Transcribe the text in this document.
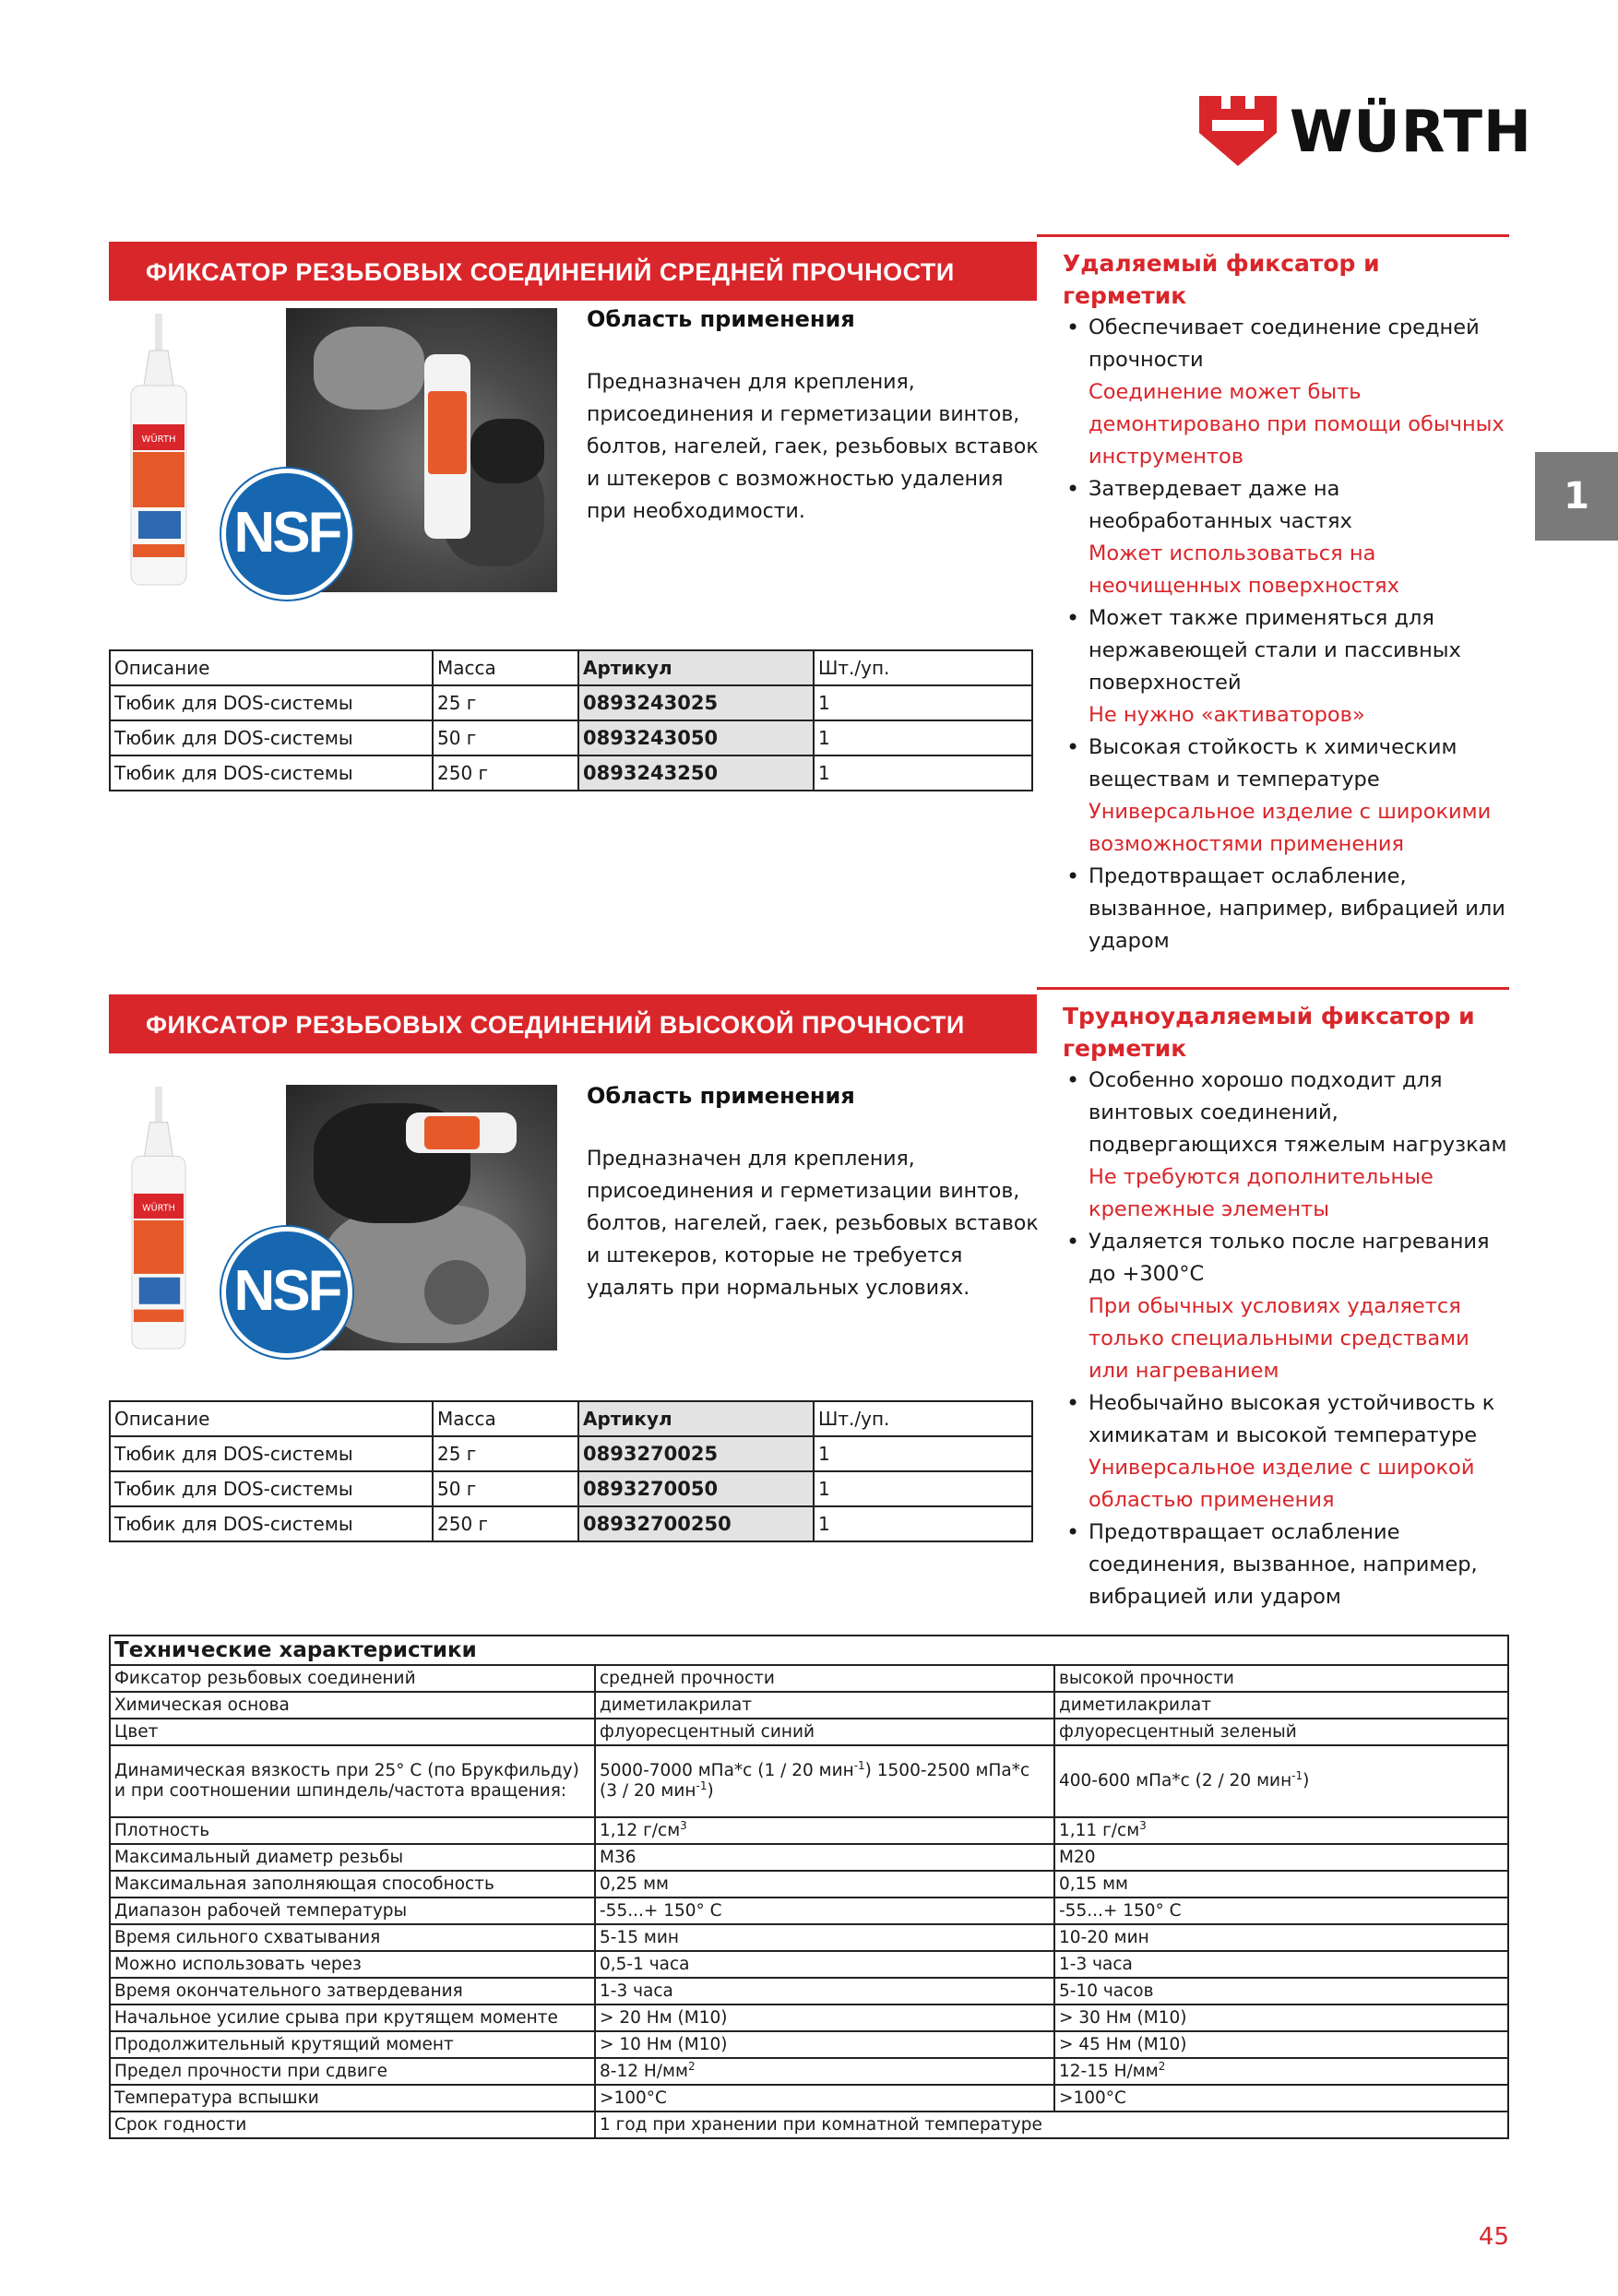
WÜRTH
1
ФИКСАТОР РЕЗЬБОВЫХ СОЕДИНЕНИЙ СРЕДНЕЙ ПРОЧНОСТИ
WÜRTH
NSF
Область применения
Предназначен для крепления, присоединения и герметизации винтов, болтов, нагелей, гаек, резьбовых вставок и штекеров с возможностью удаления при необходимости.
Описание	Масса	Артикул	Шт./уп.
Тюбик для DOS-системы	25 г	0893243025	1
Тюбик для DOS-системы	50 г	0893243050	1
Тюбик для DOS-системы	250 г	0893243250	1
Удаляемый фиксатор и герметик
• Обеспечивает соединение средней прочности
Соединение может быть демонтировано при помощи обычных инструментов
• Затвердевает даже на необработанных частях
Может использоваться на неочищенных поверхностях
• Может также применяться для нержавеющей стали и пассивных поверхностей
Не нужно «активаторов»
• Высокая стойкость к химическим веществам и температуре
Универсальное изделие с широкими возможностями применения
• Предотвращает ослабление, вызванное, например, вибрацией или ударом
ФИКСАТОР РЕЗЬБОВЫХ СОЕДИНЕНИЙ ВЫСОКОЙ ПРОЧНОСТИ
WÜRTH
NSF
Область применения
Предназначен для крепления, присоединения и герметизации винтов, болтов, нагелей, гаек, резьбовых вставок и штекеров, которые не требуется удалять при нормальных условиях.
Описание	Масса	Артикул	Шт./уп.
Тюбик для DOS-системы	25 г	0893270025	1
Тюбик для DOS-системы	50 г	0893270050	1
Тюбик для DOS-системы	250 г	08932700250	1
Трудноудаляемый фиксатор и герметик
• Особенно хорошо подходит для винтовых соединений, подвергающихся тяжелым нагрузкам
Не требуются дополнительные крепежные элементы
• Удаляется только после нагревания до +300°С
При обычных условиях удаляется только специальными средствами или нагреванием
• Необычайно высокая устойчивость к химикатам и высокой температуре
Универсальное изделие с широкой областью применения
• Предотвращает ослабление соединения, вызванное, например, вибрацией или ударом
Технические характеристики		
Фиксатор резьбовых соединений	средней прочности	высокой прочности
Химическая основа	диметилакрилат	диметилакрилат
Цвет	флуоресцентный синий	флуоресцентный зеленый
Динамическая вязкость при 25° С (по Брукфильду) и при соотношении шпиндель/частота вращения:	5000-7000 мПа*с (1 / 20 мин$^{-1}$) 1500-2500 мПа*с (3 / 20 мин$^{-1}$)	400-600 мПа*с (2 / 20 мин$^{-1}$)
Плотность	1,12 $г/см^3$	1,11 $г/см^3$
Максимальный диаметр резьбы	М36	М20
Максимальная заполняющая способность	0,25 мм	0,15 мм
Диапазон рабочей температуры	-55...+ 150° С	-55...+ 150° С
Время сильного схватывания	5-15 мин	10-20 мин
Можно использовать через	0,5-1 часа	1-3 часа
Время окончательного затвердевания	1-3 часа	5-10 часов
Начальное усилие срыва при крутящем моменте	> 20 Нм (М10)	> 30 Нм (М10)
Продолжительный крутящий момент	> 10 Нм (М10)	> 45 Нм (М10)
Предел прочности при сдвиге	8-12 $Н/мм^2$	12-15 $Н/мм^2$
Температура вспышки	>100°С	>100°С
Срок годности	1 год при хранении при комнатной температуре	
45
